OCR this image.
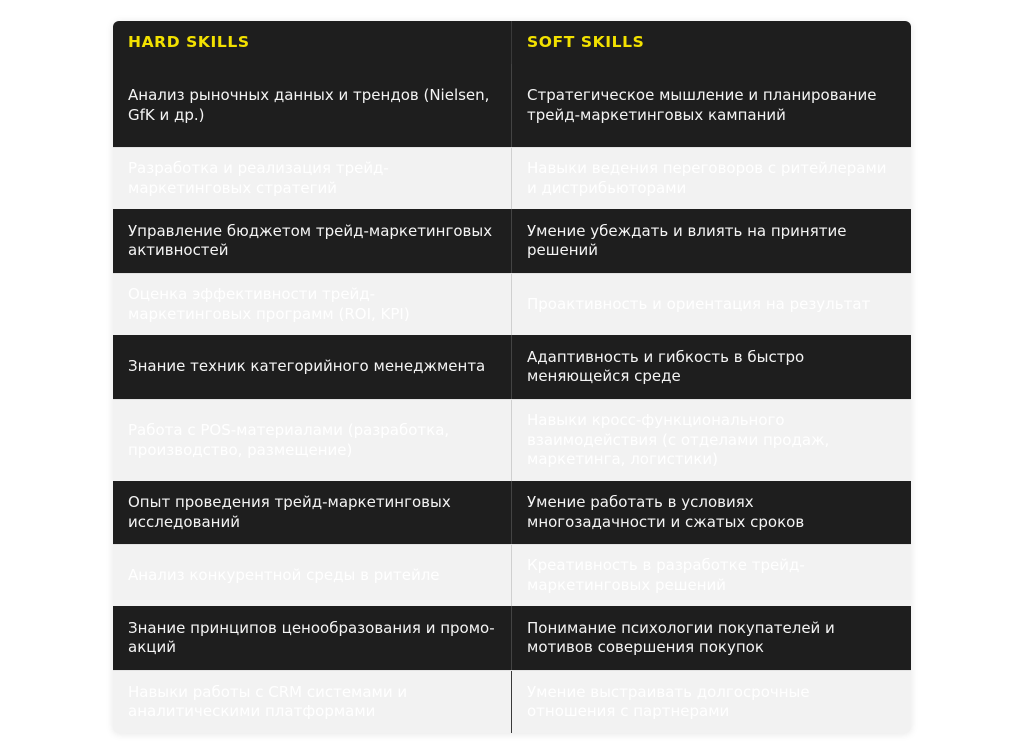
HARD SKILLS	SOFT SKILLS
Анализ рыночных данных и трендов (Nielsen, GfK и др.)
Стратегическое мышление и планирование трейд-маркетинговых кампаний
Разработка и реализация трейд-маркетинговых стратегий
Навыки ведения переговоров с ритейлерами и дистрибьюторами
Управление бюджетом трейд-маркетинговых активностей
Умение убеждать и влиять на принятие решений
Оценка эффективности трейд-маркетинговых программ (ROI, KPI)
Проактивность и ориентация на результат
Знание техник категорийного менеджмента
Адаптивность и гибкость в быстро меняющейся среде
Работа с POS-материалами (разработка, производство, размещение)
Навыки кросс-функционального взаимодействия (с отделами продаж, маркетинга, логистики)
Опыт проведения трейд-маркетинговых исследований
Умение работать в условиях многозадачности и сжатых сроков
Анализ конкурентной среды в ритейле
Креативность в разработке трейд-маркетинговых решений
Знание принципов ценообразования и промо-акций
Понимание психологии покупателей и мотивов совершения покупок
Навыки работы с CRM системами и аналитическими платформами
Умение выстраивать долгосрочные отношения с партнерами
